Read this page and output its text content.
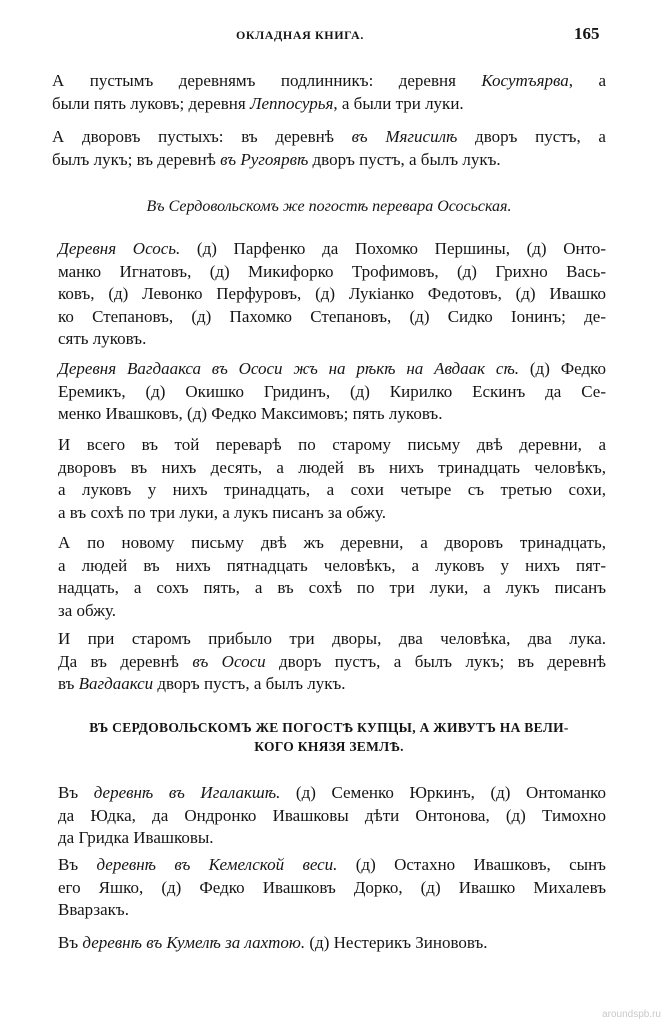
ОКЛАДНАЯ КНИГА.	165
А пустымъ деревнямъ подлинникъ: деревня Косутъярва, а
были пять луковъ; деревня Леппосурья, а были три луки.
А дворовъ пустыхъ: въ деревнѣ въ Мягисилѣ дворъ пустъ, а
былъ лукъ; въ деревнѣ въ Ругоярвѣ дворъ пустъ, а былъ лукъ.
Въ Сердовольскомъ же погостѣ перевара Ососьская.
Деревня Осось. (д) Парфенко да Похомко Першины, (д) Онто-
манко Игнатовъ, (д) Микифорко Трофимовъ, (д) Грихно Вась-
ковъ, (д) Левонко Перфуровъ, (д) Лукіанко Федотовъ, (д) Ивашко
ко Степановъ, (д) Пахомко Степановъ, (д) Сидко Іонинъ; де-
сять луковъ.
Деревня Вагдаакса въ Ососи жъ на рѣкѣ на Авдаак сѣ. (д) Федко
Еремикъ, (д) Окишко Гридинъ, (д) Кирилко Ескинъ да Се-
менко Ивашковъ, (д) Федко Максимовъ; пять луковъ.
И всего въ той переварѣ по старому письму двѣ деревни, а
дворовъ въ нихъ десять, а людей въ нихъ тринадцать человѣкъ,
а луковъ у нихъ тринадцать, а сохи четыре съ третью сохи,
а въ сохѣ по три луки, а лукъ писанъ за обжу.
А по новому письму двѣ жъ деревни, а дворовъ тринадцать,
а людей въ нихъ пятнадцать человѣкъ, а луковъ у нихъ пят-
надцать, а сохъ пять, а въ сохѣ по три луки, а лукъ писанъ
за обжу.
И при старомъ прибыло три дворы, два человѣка, два лука.
Да въ деревнѣ въ Ососи дворъ пустъ, а былъ лукъ; въ деревнѣ
въ Вагдаакси дворъ пустъ, а былъ лукъ.
ВЪ СЕРДОВОЛЬСКОМЪ ЖЕ ПОГОСТѢ КУПЦЫ, А ЖИВУТЪ НА ВЕЛИ-
КОГО КНЯЗЯ ЗЕМЛѢ.
Въ деревнѣ въ Игалакшѣ. (д) Семенко Юркинъ, (д) Онтоманко
да Юдка, да Ондронко Ивашковы дѣти Онтонова, (д) Тимохно
да Гридка Ивашковы.
Въ деревнѣ въ Кемелской веси. (д) Остахно Ивашковъ, сынъ
его Яшко, (д) Федко Ивашковъ Дорко, (д) Ивашко Михалевъ
Вварзакъ.
Въ деревнѣ въ Кумелѣ за лахтою. (д) Нестерикъ Зинововъ.
aroundspb.ru
